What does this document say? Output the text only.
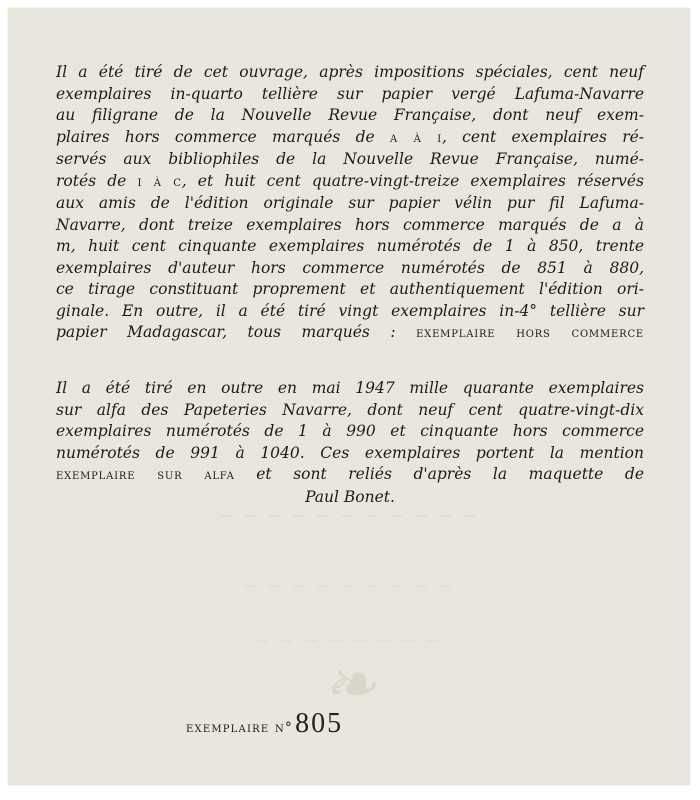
— — — — — — — — — — —
— — — — — — — — —
— — — — — — — —
❧
Il a été tiré de cet ouvrage, après impositions spéciales, cent neuf
exemplaires in-quarto tellière sur papier vergé Lafuma-Navarre
au filigrane de la Nouvelle Revue Française, dont neuf exem-
plaires hors commerce marqués de a à i, cent exemplaires ré-
servés aux bibliophiles de la Nouvelle Revue Française, numé-
rotés de i à c, et huit cent quatre-vingt-treize exemplaires réservés
aux amis de l'édition originale sur papier vélin pur fil Lafuma-
Navarre, dont treize exemplaires hors commerce marqués de a à
m, huit cent cinquante exemplaires numérotés de 1 à 850, trente
exemplaires d'auteur hors commerce numérotés de 851 à 880,
ce tirage constituant proprement et authentiquement l'édition ori-
ginale. En outre, il a été tiré vingt exemplaires in-4° tellière sur
papier Madagascar, tous marqués : exemplaire hors commerce
Il a été tiré en outre en mai 1947 mille quarante exemplaires
sur alfa des Papeteries Navarre, dont neuf cent quatre-vingt-dix
exemplaires numérotés de 1 à 990 et cinquante hors commerce
numérotés de 991 à 1040. Ces exemplaires portent la mention
exemplaire sur alfa et sont reliés d'après la maquette de
Paul Bonet.
exemplaire n°805
